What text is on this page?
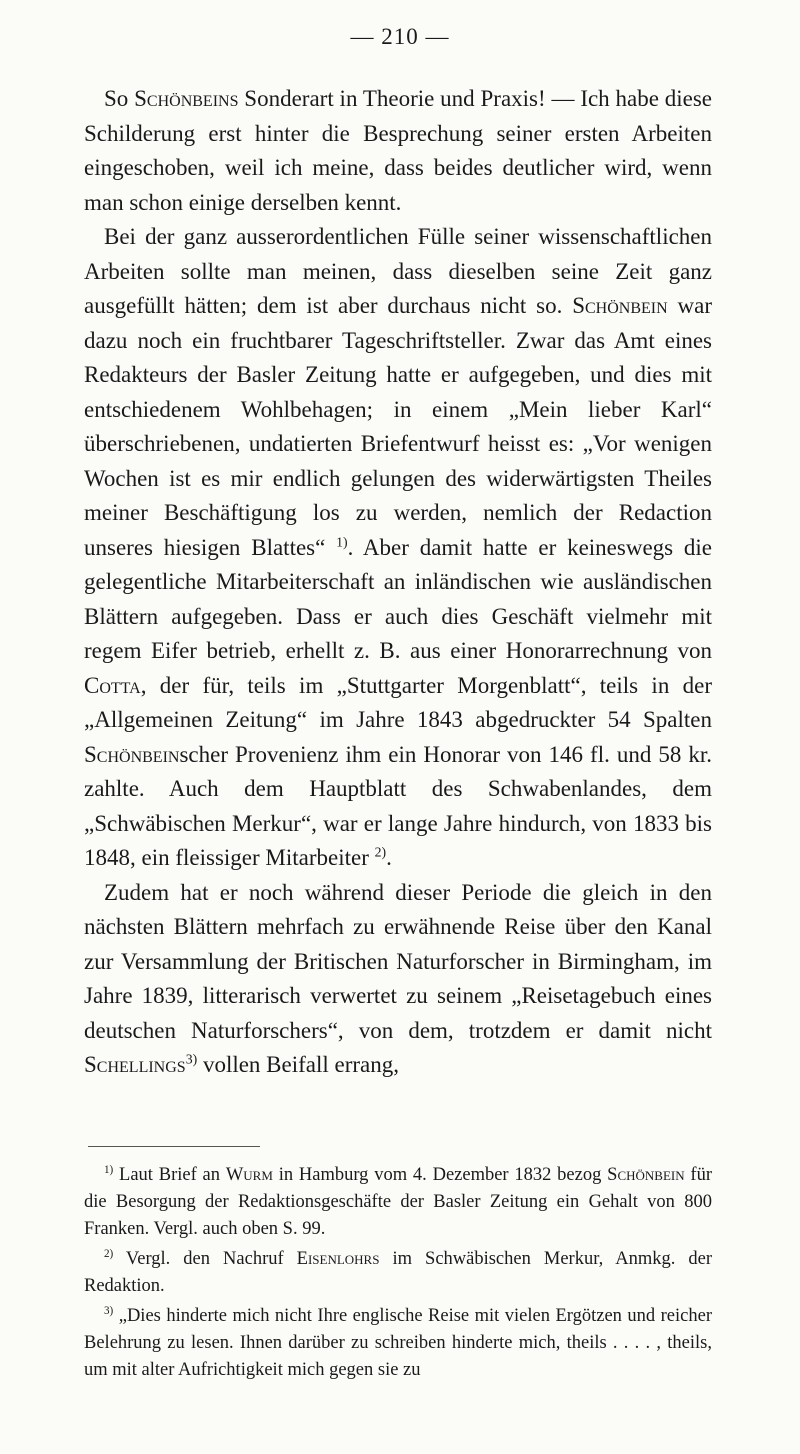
— 210 —

So Schönbeins Sonderart in Theorie und Praxis! — Ich habe diese Schilderung erst hinter die Besprechung seiner ersten Arbeiten eingeschoben, weil ich meine, dass beides deutlicher wird, wenn man schon einige derselben kennt.

Bei der ganz ausserordentlichen Fülle seiner wissenschaftlichen Arbeiten sollte man meinen, dass dieselben seine Zeit ganz ausgefüllt hätten; dem ist aber durchaus nicht so. Schönbein war dazu noch ein fruchtbarer Tageschriftsteller. Zwar das Amt eines Redakteurs der Basler Zeitung hatte er aufgegeben, und dies mit entschiedenem Wohlbehagen; in einem „Mein lieber Karl“ überschriebenen, undatierten Briefentwurf heisst es: „Vor wenigen Wochen ist es mir endlich gelungen des widerwärtigsten Theiles meiner Beschäftigung los zu werden, nemlich der Redaction unseres hiesigen Blattes“ $^{1)}$. Aber damit hatte er keineswegs die gelegentliche Mitarbeiterschaft an inländischen wie ausländischen Blättern aufgegeben. Dass er auch dies Geschäft vielmehr mit regem Eifer betrieb, erhellt z. B. aus einer Honorarrechnung von Cotta, der für, teils im „Stuttgarter Morgenblatt“, teils in der „Allgemeinen Zeitung“ im Jahre 1843 abgedruckter 54 Spalten Schönbeinscher Provenienz ihm ein Honorar von 146 fl. und 58 kr. zahlte. Auch dem Hauptblatt des Schwabenlandes, dem „Schwäbischen Merkur“, war er lange Jahre hindurch, von 1833 bis 1848, ein fleissiger Mitarbeiter $^{2)}$.

Zudem hat er noch während dieser Periode die gleich in den nächsten Blättern mehrfach zu erwähnende Reise über den Kanal zur Versammlung der Britischen Naturforscher in Birmingham, im Jahre 1839, litterarisch verwertet zu seinem „Reisetagebuch eines deutschen Naturforschers“, von dem, trotzdem er damit nicht Schellings$^{3)}$ vollen Beifall errang,

$^{1)}$ Laut Brief an Wurm in Hamburg vom 4. Dezember 1832 bezog Schönbein für die Besorgung der Redaktionsgeschäfte der Basler Zeitung ein Gehalt von 800 Franken. Vergl. auch oben S. 99.

$^{2)}$ Vergl. den Nachruf Eisenlohrs im Schwäbischen Merkur, Anmkg. der Redaktion.

$^{3)}$ „Dies hinderte mich nicht Ihre englische Reise mit vielen Ergötzen und reicher Belehrung zu lesen. Ihnen darüber zu schreiben hinderte mich, theils . . . . , theils, um mit alter Aufrichtigkeit mich gegen sie zu
